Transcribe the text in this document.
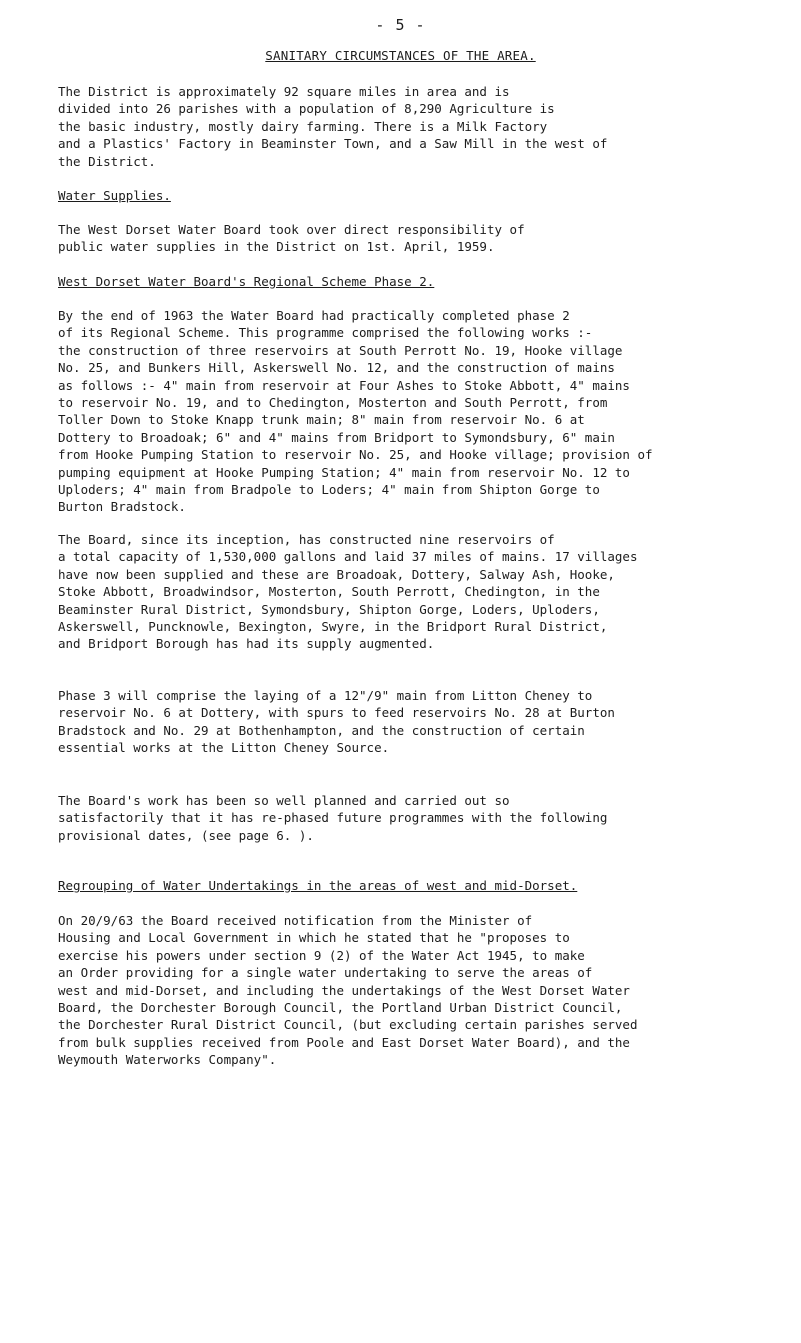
- 5 -
SANITARY CIRCUMSTANCES OF THE AREA.
The District is approximately 92 square miles in area and is
divided into 26 parishes with a population of 8,290 Agriculture is
the basic industry, mostly dairy farming. There is a Milk Factory
and a Plastics' Factory in Beaminster Town, and a Saw Mill in the west of
the District.
Water Supplies.
The West Dorset Water Board took over direct responsibility of
public water supplies in the District on 1st. April, 1959.
West Dorset Water Board's Regional Scheme Phase 2.
By the end of 1963 the Water Board had practically completed phase 2
of its Regional Scheme. This programme comprised the following works :-
the construction of three reservoirs at South Perrott No. 19, Hooke village
No. 25, and Bunkers Hill, Askerswell No. 12, and the construction of mains
as follows :- 4" main from reservoir at Four Ashes to Stoke Abbott, 4" mains
to reservoir No. 19, and to Chedington, Mosterton and South Perrott, from
Toller Down to Stoke Knapp trunk main; 8" main from reservoir No. 6 at
Dottery to Broadoak; 6" and 4" mains from Bridport to Symondsbury, 6" main
from Hooke Pumping Station to reservoir No. 25, and Hooke village; provision of
pumping equipment at Hooke Pumping Station; 4" main from reservoir No. 12 to
Uploders; 4" main from Bradpole to Loders; 4" main from Shipton Gorge to
Burton Bradstock.
The Board, since its inception, has constructed nine reservoirs of
a total capacity of 1,530,000 gallons and laid 37 miles of mains. 17 villages
have now been supplied and these are Broadoak, Dottery, Salway Ash, Hooke,
Stoke Abbott, Broadwindsor, Mosterton, South Perrott, Chedington, in the
Beaminster Rural District, Symondsbury, Shipton Gorge, Loders, Uploders,
Askerswell, Puncknowle, Bexington, Swyre, in the Bridport Rural District,
and Bridport Borough has had its supply augmented.
Phase 3 will comprise the laying of a 12"/9" main from Litton Cheney to
reservoir No. 6 at Dottery, with spurs to feed reservoirs No. 28 at Burton
Bradstock and No. 29 at Bothenhampton, and the construction of certain
essential works at the Litton Cheney Source.
The Board's work has been so well planned and carried out so
satisfactorily that it has re-phased future programmes with the following
provisional dates, (see page 6. ).
Regrouping of Water Undertakings in the areas of west and mid-Dorset.
On 20/9/63 the Board received notification from the Minister of
Housing and Local Government in which he stated that he "proposes to
exercise his powers under section 9 (2) of the Water Act 1945, to make
an Order providing for a single water undertaking to serve the areas of
west and mid-Dorset, and including the undertakings of the West Dorset Water
Board, the Dorchester Borough Council, the Portland Urban District Council,
the Dorchester Rural District Council, (but excluding certain parishes served
from bulk supplies received from Poole and East Dorset Water Board), and the
Weymouth Waterworks Company".
